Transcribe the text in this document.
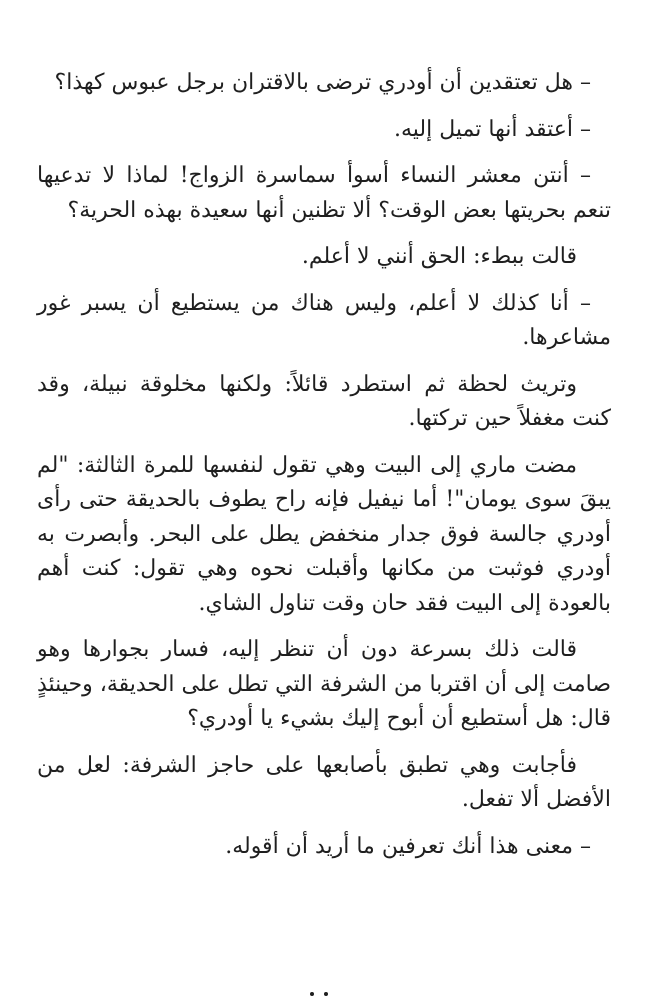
– هل تعتقدين أن أودري ترضى بالاقتران برجل عبوس كهذا؟

– أعتقد أنها تميل إليه.

– أنتن معشر النساء أسوأ سماسرة الزواج! لماذا لا تدعيها تنعم بحريتها بعض الوقت؟ ألا تظنين أنها سعيدة بهذه الحرية؟

قالت ببطء: الحق أنني لا أعلم.

– أنا كذلك لا أعلم، وليس هناك من يستطيع أن يسبر غور مشاعرها.

وتريث لحظة ثم استطرد قائلاً: ولكنها مخلوقة نبيلة، وقد كنت مغفلاً حين تركتها.

مضت ماري إلى البيت وهي تقول لنفسها للمرة الثالثة: "لم يبقَ سوى يومان"! أما نيفيل فإنه راح يطوف بالحديقة حتى رأى أودري جالسة فوق جدار منخفض يطل على البحر. وأبصرت به أودري فوثبت من مكانها وأقبلت نحوه وهي تقول: كنت أهم بالعودة إلى البيت فقد حان وقت تناول الشاي.

قالت ذلك بسرعة دون أن تنظر إليه، فسار بجوارها وهو صامت إلى أن اقتربا من الشرفة التي تطل على الحديقة، وحينئذٍ قال: هل أستطيع أن أبوح إليك بشيء يا أودري؟

فأجابت وهي تطبق بأصابعها على حاجز الشرفة: لعل من الأفضل ألا تفعل.

– معنى هذا أنك تعرفين ما أريد أن أقوله.
